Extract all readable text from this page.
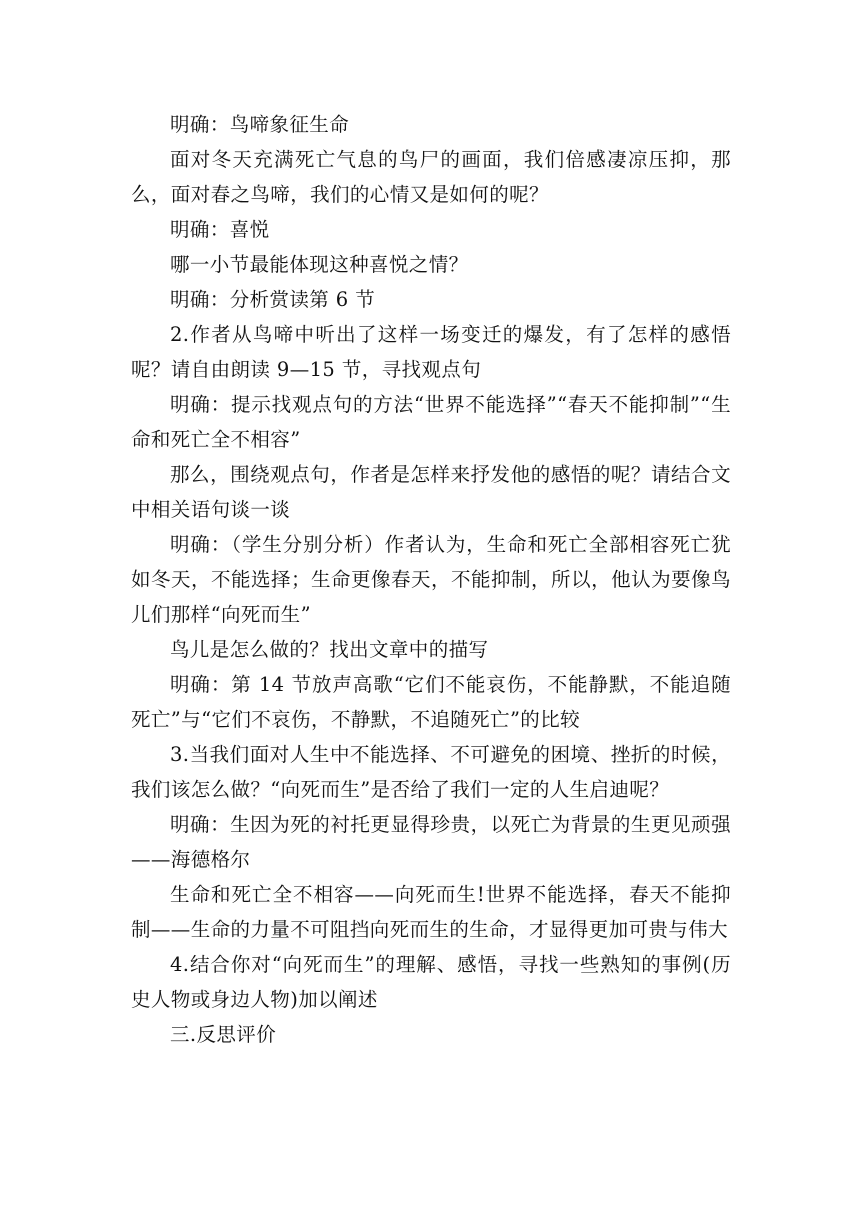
明确：鸟啼象征生命

面对冬天充满死亡气息的鸟尸的画面，我们倍感凄凉压抑，那么，面对春之鸟啼，我们的心情又是如何的呢？

明确：喜悦

哪一小节最能体现这种喜悦之情？

明确：分析赏读第 6 节

2.作者从鸟啼中听出了这样一场变迁的爆发，有了怎样的感悟呢？请自由朗读 9—15 节，寻找观点句

明确：提示找观点句的方法“世界不能选择”“春天不能抑制”“生命和死亡全不相容”

那么，围绕观点句，作者是怎样来抒发他的感悟的呢？请结合文中相关语句谈一谈

明确：（学生分别分析）作者认为，生命和死亡全部相容死亡犹如冬天，不能选择；生命更像春天，不能抑制，所以，他认为要像鸟儿们那样“向死而生”

鸟儿是怎么做的？找出文章中的描写

明确：第 14 节放声高歌“它们不能哀伤，不能静默，不能追随死亡”与“它们不哀伤，不静默，不追随死亡”的比较

3.当我们面对人生中不能选择、不可避免的困境、挫折的时候，我们该怎么做？“向死而生”是否给了我们一定的人生启迪呢？

明确：生因为死的衬托更显得珍贵，以死亡为背景的生更见顽强——海德格尔

生命和死亡全不相容——向死而生!世界不能选择，春天不能抑制——生命的力量不可阻挡向死而生的生命，才显得更加可贵与伟大

4.结合你对“向死而生”的理解、感悟，寻找一些熟知的事例(历史人物或身边人物)加以阐述

三.反思评价
